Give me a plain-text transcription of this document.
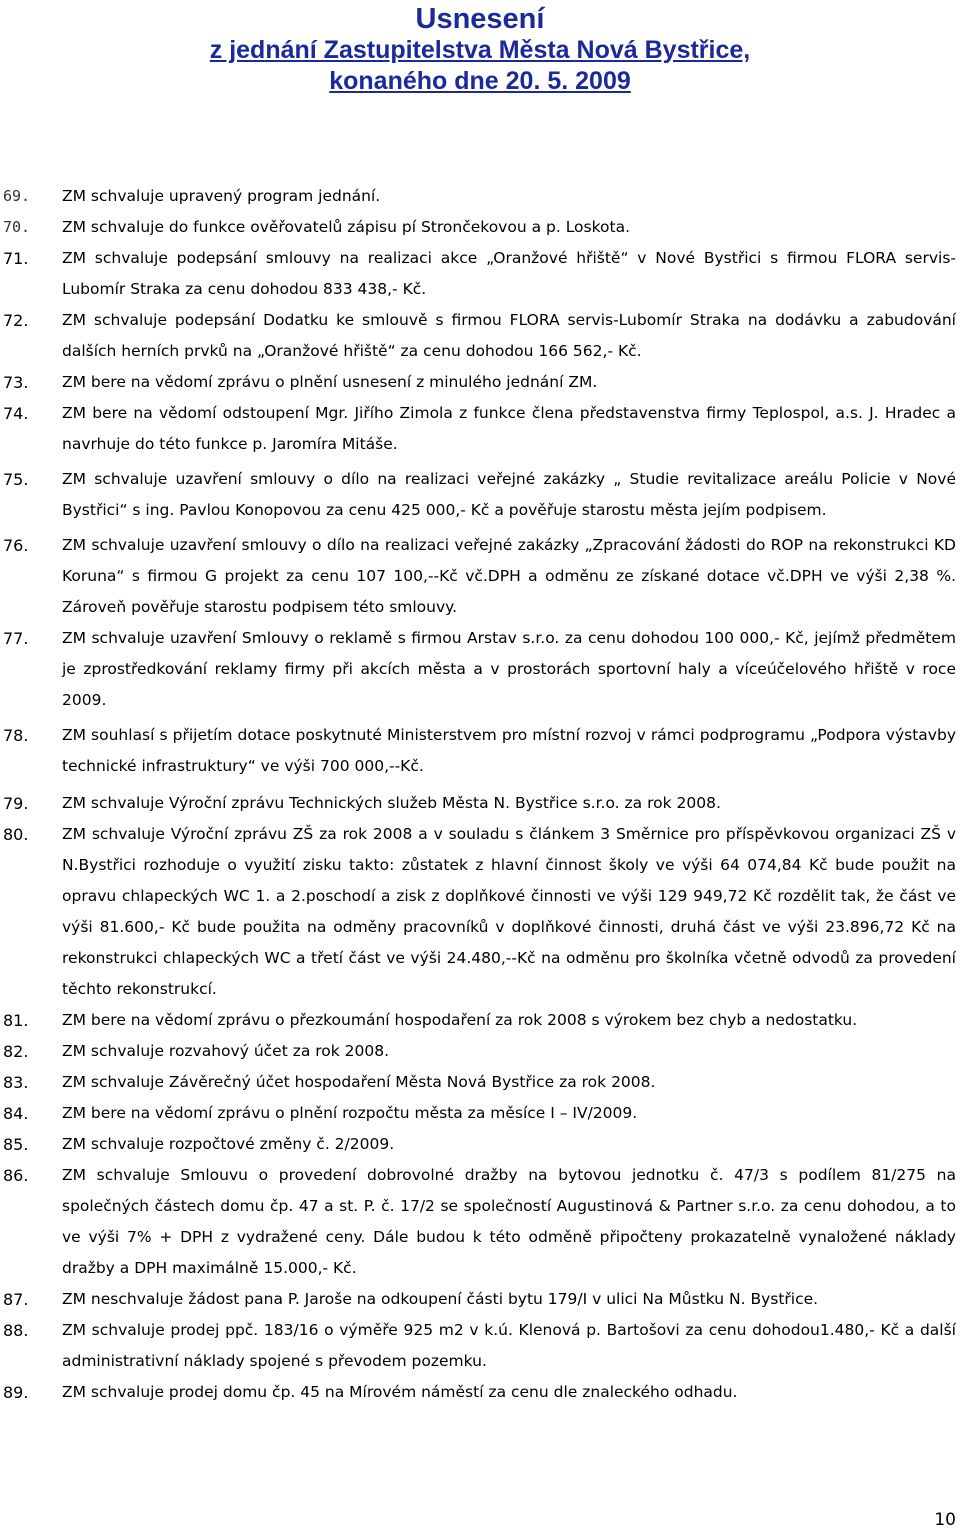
Usnesení
z jednání Zastupitelstva Města Nová Bystřice,
konaného dne 20. 5. 2009
69. ZM schvaluje upravený program jednání.

70. ZM schvaluje do funkce ověřovatelů zápisu pí Strončekovou a p. Loskota.

71. ZM schvaluje podepsání smlouvy na realizaci akce „Oranžové hřiště“ v Nové Bystřici s firmou FLORA servis-Lubomír Straka za cenu dohodou 833 438,- Kč.

72. ZM schvaluje podepsání Dodatku ke smlouvě s firmou FLORA servis-Lubomír Straka na dodávku a zabudování dalších herních prvků na „Oranžové hřiště“ za cenu dohodou 166 562,- Kč.

73. ZM bere na vědomí zprávu o plnění usnesení z minulého jednání ZM.

74. ZM bere na vědomí odstoupení Mgr. Jiřího Zimola z funkce člena představenstva firmy Teplospol, a.s. J. Hradec a navrhuje do této funkce p. Jaromíra Mitáše.

75. ZM schvaluje uzavření smlouvy o dílo na realizaci veřejné zakázky „ Studie revitalizace areálu Policie v Nové Bystřici“ s ing. Pavlou Konopovou za cenu 425 000,- Kč a pověřuje starostu města jejím podpisem.

76. ZM schvaluje uzavření smlouvy o dílo na realizaci veřejné zakázky „Zpracování žádosti do ROP na rekonstrukci KD Koruna“ s firmou G projekt za cenu 107 100,--Kč vč.DPH a odměnu ze získané dotace vč.DPH ve výši 2,38 %. Zároveň pověřuje starostu podpisem této smlouvy.

77. ZM schvaluje uzavření Smlouvy o reklamě s firmou Arstav s.r.o. za cenu dohodou 100 000,- Kč, jejímž předmětem je zprostředkování reklamy firmy při akcích města a v prostorách sportovní haly a víceúčelového hřiště v roce 2009.

78. ZM souhlasí s přijetím dotace poskytnuté Ministerstvem pro místní rozvoj v rámci podprogramu „Podpora výstavby technické infrastruktury“ ve výši 700 000,--Kč.

79. ZM schvaluje Výroční zprávu Technických služeb Města N. Bystřice s.r.o. za rok 2008.

80. ZM schvaluje Výroční zprávu ZŠ za rok 2008 a v souladu s článkem 3 Směrnice pro příspěvkovou organizaci ZŠ v N.Bystřici rozhoduje o využití zisku takto: zůstatek z hlavní činnost školy ve výši 64 074,84 Kč bude použit na opravu chlapeckých WC 1. a 2.poschodí a zisk z doplňkové činnosti ve výši 129 949,72 Kč rozdělit tak, že část ve výši 81.600,- Kč bude použita na odměny pracovníků v doplňkové činnosti, druhá část ve výši 23.896,72 Kč na rekonstrukci chlapeckých WC a třetí část ve výši 24.480,--Kč na odměnu pro školníka včetně odvodů za provedení těchto rekonstrukcí.

81. ZM bere na vědomí zprávu o přezkoumání hospodaření za rok 2008 s výrokem bez chyb a nedostatku.

82. ZM schvaluje rozvahový účet za rok 2008.

83. ZM schvaluje Závěrečný účet hospodaření Města Nová Bystřice za rok 2008.

84. ZM bere na vědomí zprávu o plnění rozpočtu města za měsíce I – IV/2009.

85. ZM schvaluje rozpočtové změny č. 2/2009.

86. ZM schvaluje Smlouvu o provedení dobrovolné dražby na bytovou jednotku č. 47/3 s podílem 81/275 na společných částech domu čp. 47 a st. P. č. 17/2 se společností Augustinová & Partner s.r.o. za cenu dohodou, a to ve výši 7% + DPH z vydražené ceny. Dále budou k této odměně připočteny prokazatelně vynaložené náklady dražby a DPH maximálně 15.000,- Kč.

87. ZM neschvaluje žádost pana P. Jaroše na odkoupení části bytu 179/I v ulici Na Můstku N. Bystřice.

88. ZM schvaluje prodej ppč. 183/16 o výměře 925 m2 v k.ú. Klenová p. Bartošovi za cenu dohodou1.480,- Kč a další administrativní náklady spojené s převodem pozemku.

89. ZM schvaluje prodej domu čp. 45 na Mírovém náměstí za cenu dle znaleckého odhadu.

10
